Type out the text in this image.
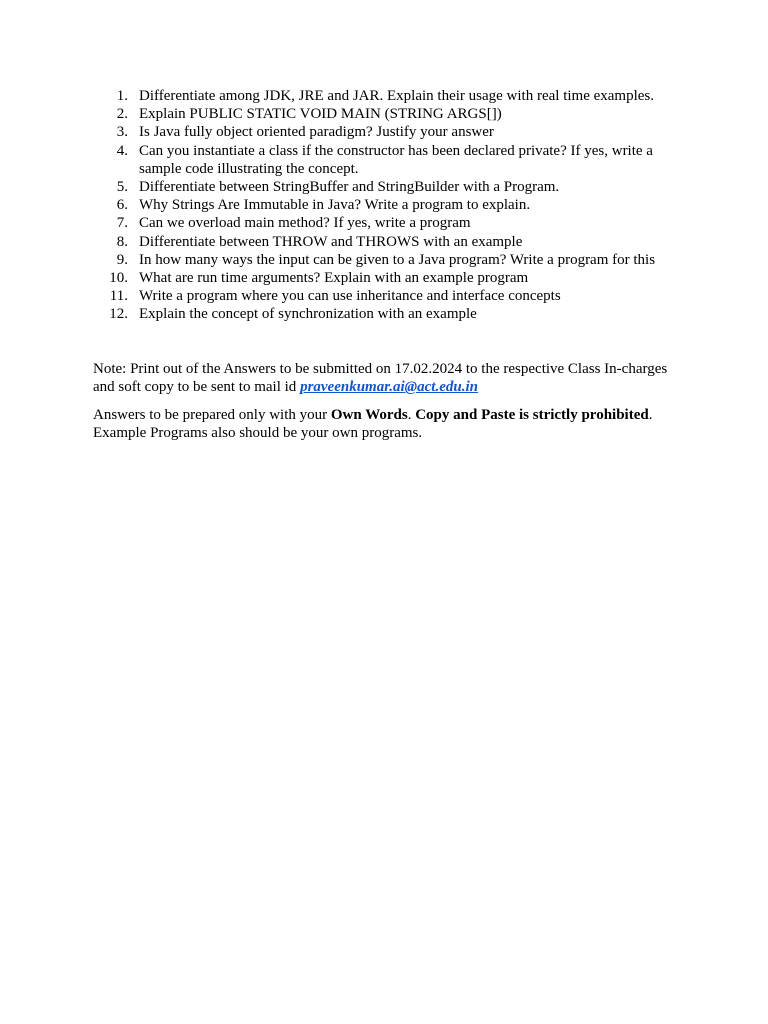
1. Differentiate among JDK, JRE and JAR. Explain their usage with real time examples.
2. Explain PUBLIC STATIC VOID MAIN (STRING ARGS[])
3. Is Java fully object oriented paradigm? Justify your answer
4. Can you instantiate a class if the constructor has been declared private? If yes, write a sample code illustrating the concept.
5. Differentiate between StringBuffer and StringBuilder with a Program.
6. Why Strings Are Immutable in Java? Write a program to explain.
7. Can we overload main method? If yes, write a program
8. Differentiate between THROW and THROWS with an example
9. In how many ways the input can be given to a Java program? Write a program for this
10. What are run time arguments? Explain with an example program
11. Write a program where you can use inheritance and interface concepts
12. Explain the concept of synchronization with an example

Note: Print out of the Answers to be submitted on 17.02.2024 to the respective Class In-charges and soft copy to be sent to mail id praveenkumar.ai@act.edu.in

Answers to be prepared only with your Own Words. Copy and Paste is strictly prohibited. Example Programs also should be your own programs.
